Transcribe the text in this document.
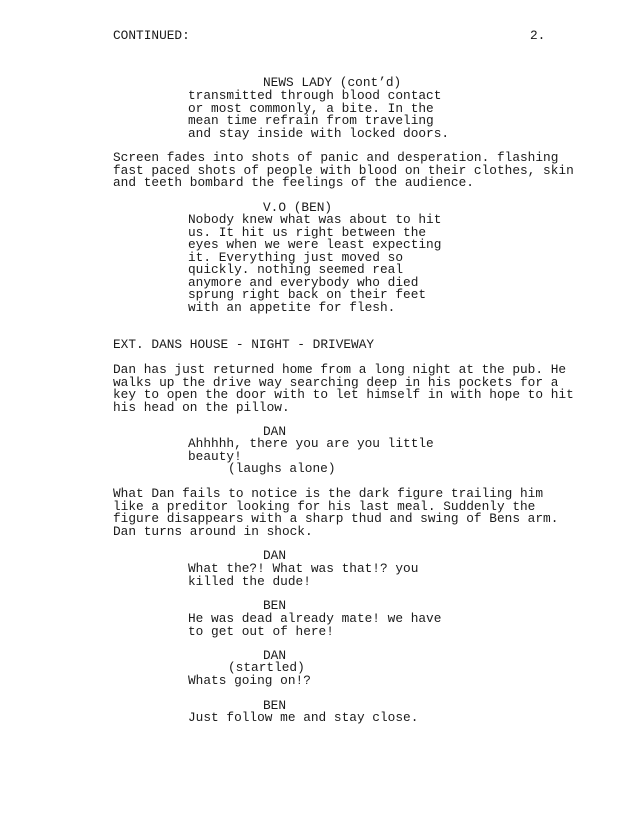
CONTINUED:	2.
NEWS LADY (cont’d)
transmitted through blood contact
or most commonly, a bite. In the
mean time refrain from traveling
and stay inside with locked doors.
Screen fades into shots of panic and desperation. flashing
fast paced shots of people with blood on their clothes, skin
and teeth bombard the feelings of the audience.
V.O (BEN)
Nobody knew what was about to hit
us. It hit us right between the
eyes when we were least expecting
it. Everything just moved so
quickly. nothing seemed real
anymore and everybody who died
sprung right back on their feet
with an appetite for flesh.
EXT. DANS HOUSE - NIGHT - DRIVEWAY
Dan has just returned home from a long night at the pub. He
walks up the drive way searching deep in his pockets for a
key to open the door with to let himself in with hope to hit
his head on the pillow.
DAN
Ahhhhh, there you are you little
beauty!
(laughs alone)
What Dan fails to notice is the dark figure trailing him
like a preditor looking for his last meal. Suddenly the
figure disappears with a sharp thud and swing of Bens arm.
Dan turns around in shock.
DAN
What the?! What was that!? you
killed the dude!
BEN
He was dead already mate! we have
to get out of here!
DAN
(startled)
Whats going on!?
BEN
Just follow me and stay close.
